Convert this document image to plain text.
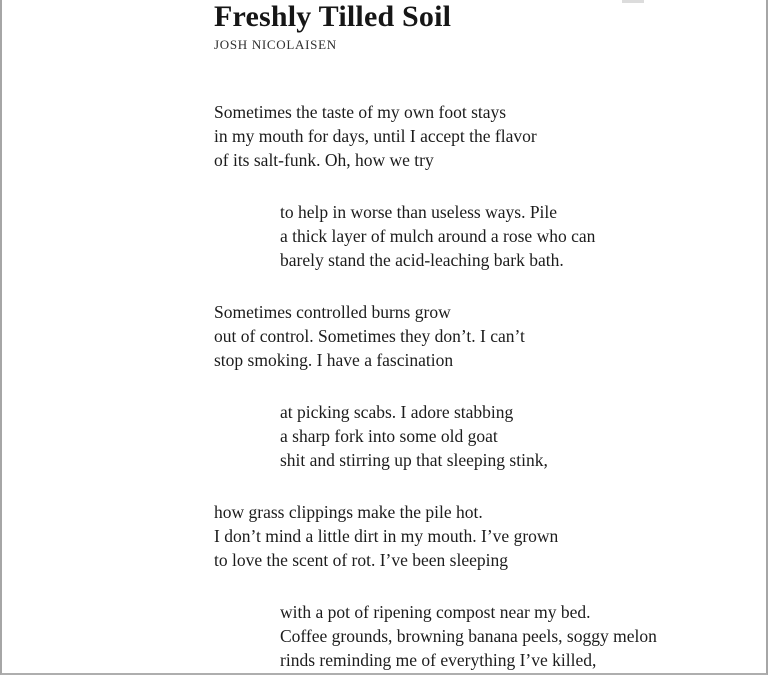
Freshly Tilled Soil
JOSH NICOLAISEN
Sometimes the taste of my own foot stays
in my mouth for days, until I accept the flavor
of its salt-funk. Oh, how we try
to help in worse than useless ways. Pile
a thick layer of mulch around a rose who can
barely stand the acid-leaching bark bath.
Sometimes controlled burns grow
out of control. Sometimes they don’t. I can’t
stop smoking. I have a fascination
at picking scabs. I adore stabbing
a sharp fork into some old goat
shit and stirring up that sleeping stink,
how grass clippings make the pile hot.
I don’t mind a little dirt in my mouth. I’ve grown
to love the scent of rot. I’ve been sleeping
with a pot of ripening compost near my bed.
Coffee grounds, browning banana peels, soggy melon
rinds reminding me of everything I’ve killed,
